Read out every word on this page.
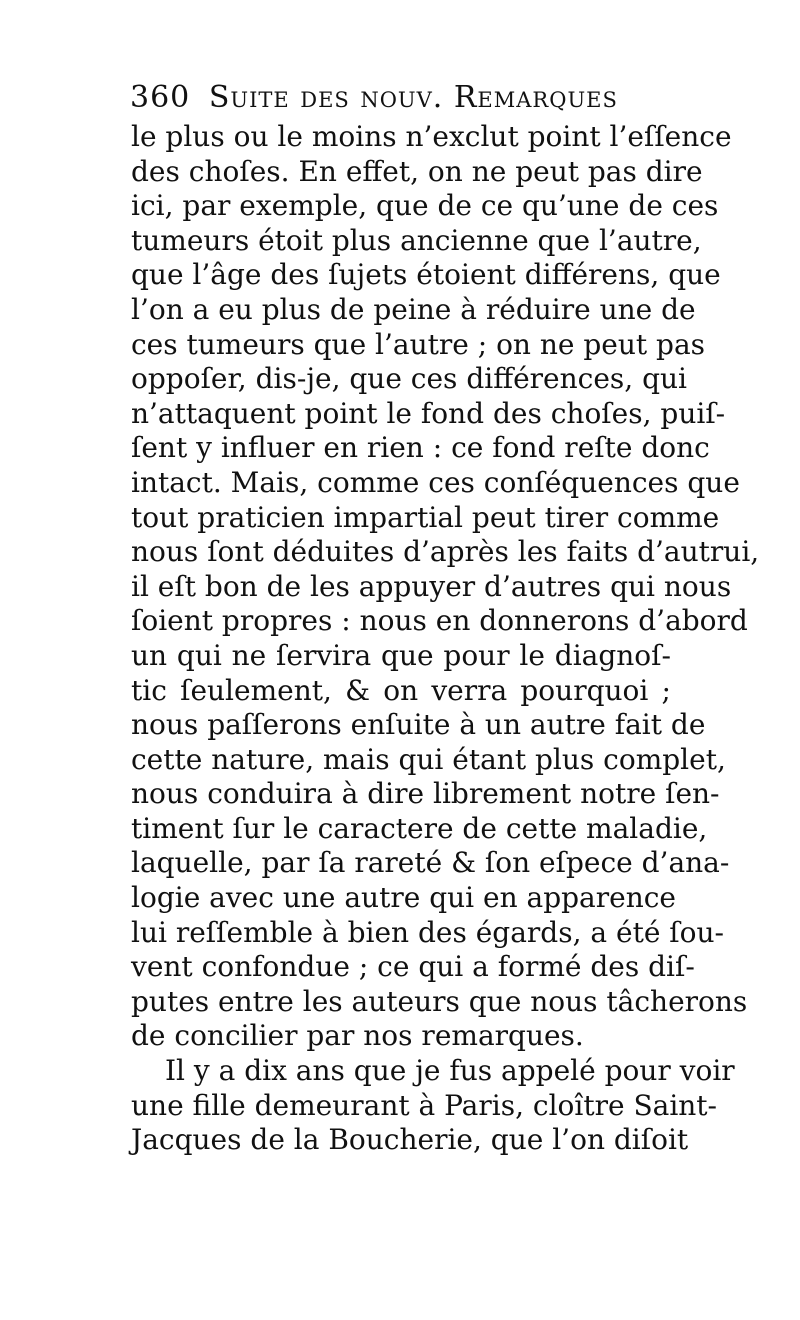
360 Suite des nouv. Remarques
le plus ou le moins n’exclut point l’eſſence
des choſes. En effet, on ne peut pas dire
ici, par exemple, que de ce qu’une de ces
tumeurs étoit plus ancienne que l’autre,
que l’âge des ſujets étoient différens, que
l’on a eu plus de peine à réduire une de
ces tumeurs que l’autre ; on ne peut pas
oppoſer, dis-je, que ces différences, qui
n’attaquent point le fond des choſes, puiſ-
ſent y influer en rien : ce fond reſte donc
intact. Mais, comme ces conſéquences que
tout praticien impartial peut tirer comme
nous ſont déduites d’après les faits d’autrui,
il eſt bon de les appuyer d’autres qui nous
ſoient propres : nous en donnerons d’abord
un qui ne ſervira que pour le diagnoſ-
tic ſeulement, & on verra pourquoi ;
nous paſſerons enſuite à un autre fait de
cette nature, mais qui étant plus complet,
nous conduira à dire librement notre ſen-
timent ſur le caractere de cette maladie,
laquelle, par ſa rareté & ſon eſpece d’ana-
logie avec une autre qui en apparence
lui reſſemble à bien des égards, a été ſou-
vent confondue ; ce qui a formé des diſ-
putes entre les auteurs que nous tâcherons
de concilier par nos remarques.
Il y a dix ans que je fus appelé pour voir
une fille demeurant à Paris, cloître Saint-
Jacques de la Boucherie, que l’on diſoit
